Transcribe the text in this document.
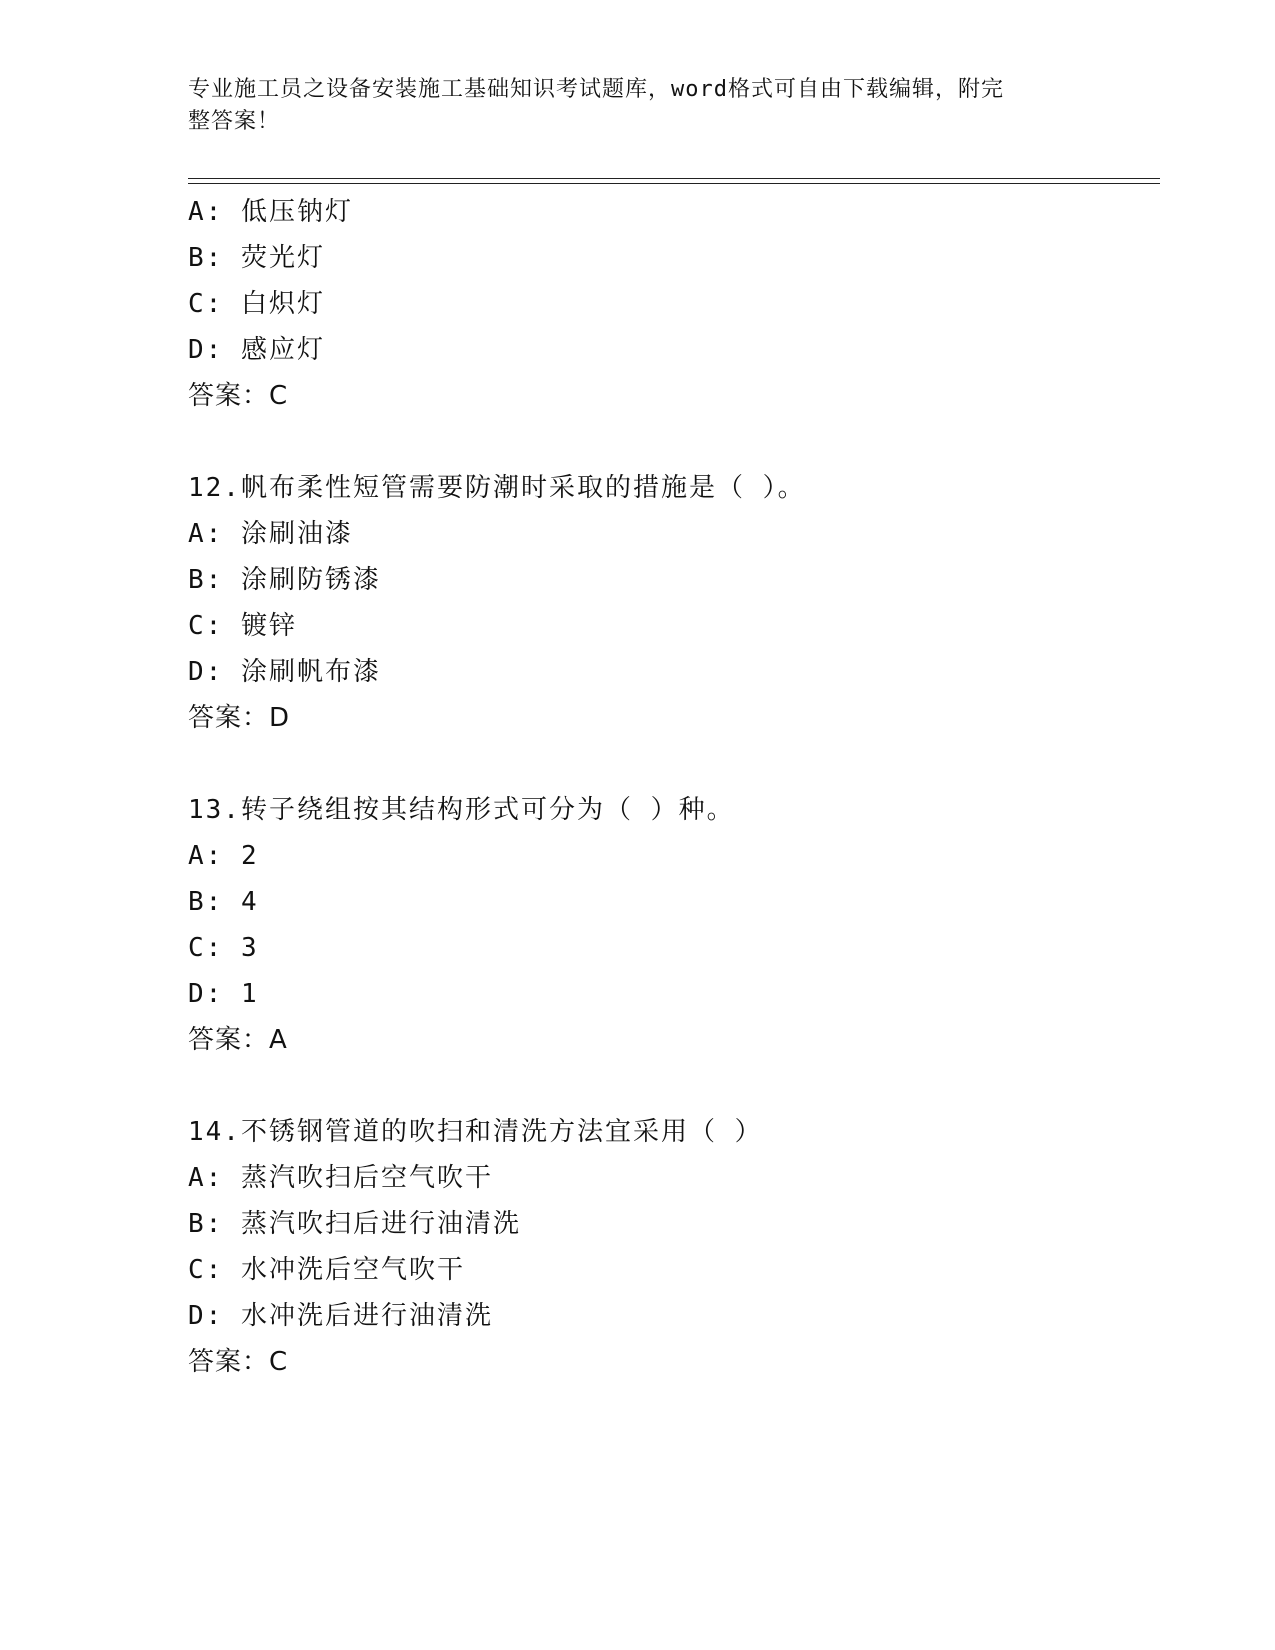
专业施工员之设备安装施工基础知识考试题库，word格式可自由下载编辑，附完
整答案！
A: 低压钠灯
B: 荧光灯
C: 白炽灯
D: 感应灯
答案：C
12.帆布柔性短管需要防潮时采取的措施是（ ）。
A: 涂刷油漆
B: 涂刷防锈漆
C: 镀锌
D: 涂刷帆布漆
答案：D
13.转子绕组按其结构形式可分为（ ）种。
A: 2
B: 4
C: 3
D: 1
答案：A
14.不锈钢管道的吹扫和清洗方法宜采用（ ）
A: 蒸汽吹扫后空气吹干
B: 蒸汽吹扫后进行油清洗
C: 水冲洗后空气吹干
D: 水冲洗后进行油清洗
答案：C
